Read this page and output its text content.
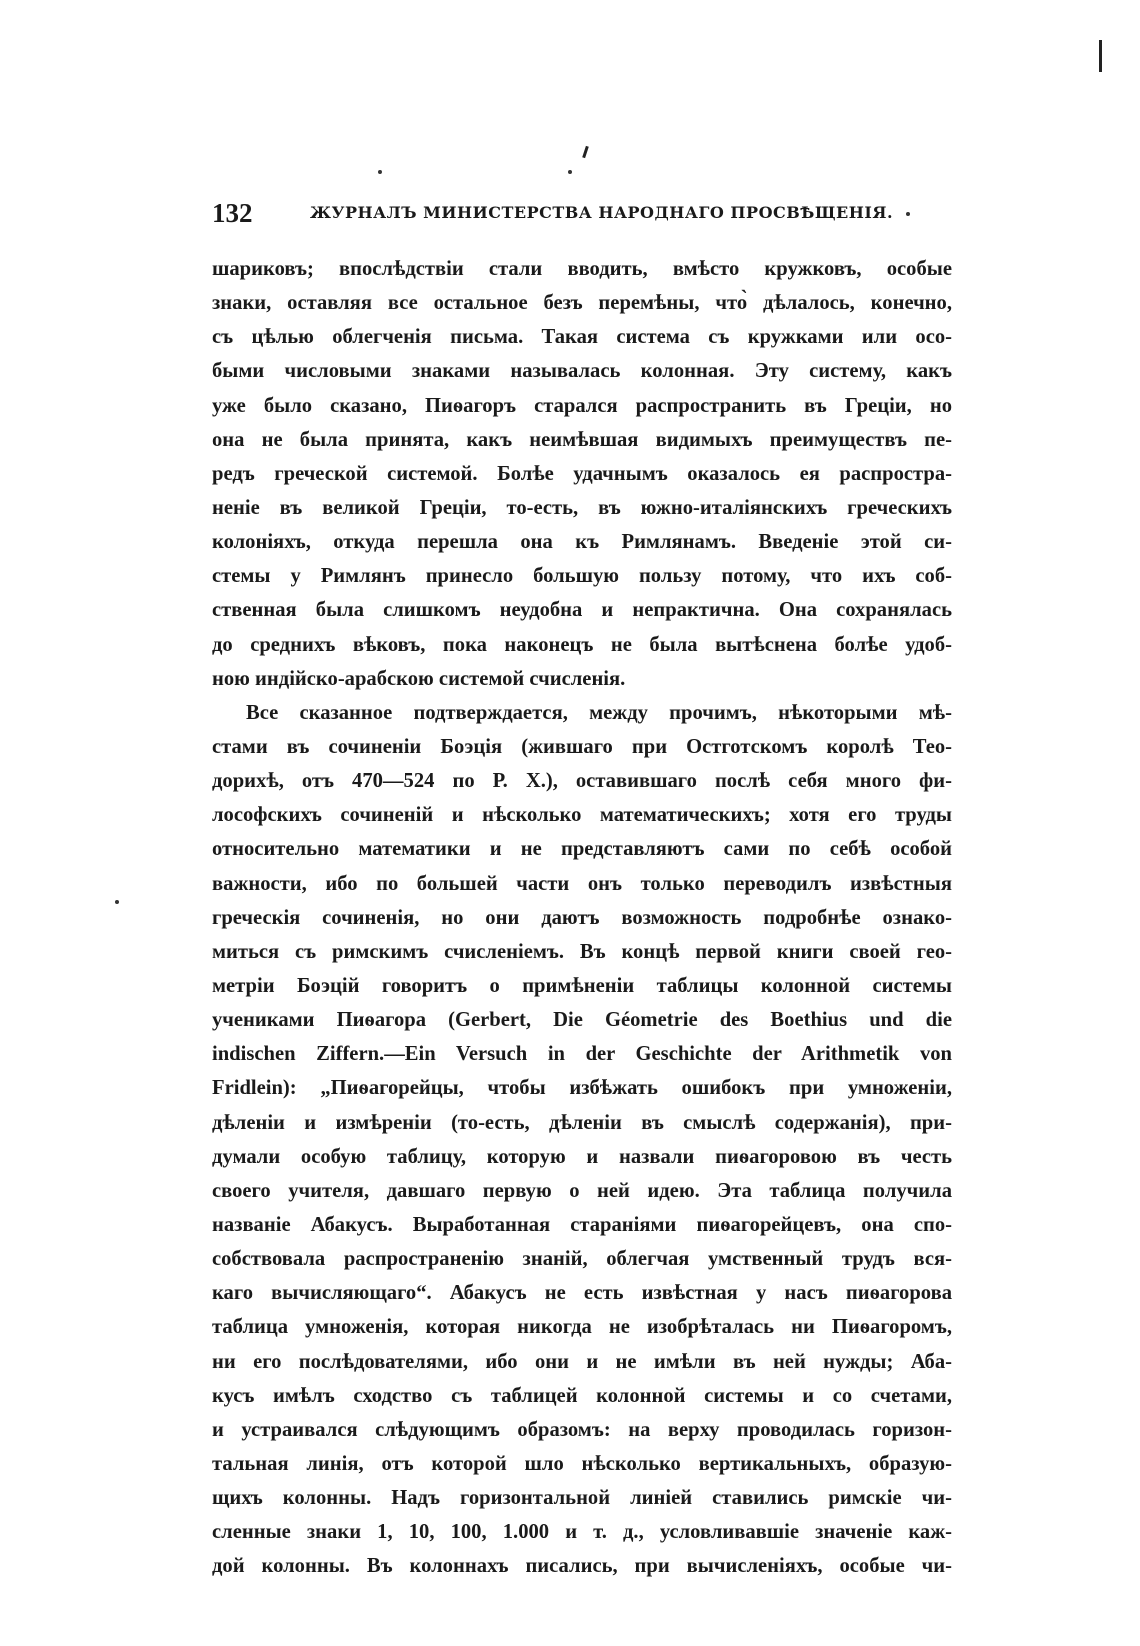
132	ЖУРНАЛЪ МИНИСТЕРСТВА НАРОДНАГО ПРОСВѢЩЕНІЯ.
шариковъ; впослѣдствіи стали вводить, вмѣсто кружковъ, особые
знаки, оставляя все остальное безъ перемѣны, что̀ дѣлалось, конечно,
съ цѣлью облегченія письма. Такая система съ кружками или осо-
быми числовыми знаками называлась колонная. Эту систему, какъ
уже было сказано, Пиѳагоръ старался распространить въ Греціи, но
она не была принята, какъ неимѣвшая видимыхъ преимуществъ пе-
редъ греческой системой. Болѣе удачнымъ оказалось ея распростра-
неніе въ великой Греціи, то-есть, въ южно-италіянскихъ греческихъ
колоніяхъ, откуда перешла она къ Римлянамъ. Введеніе этой си-
стемы у Римлянъ принесло большую пользу потому, что ихъ соб-
ственная была слишкомъ неудобна и непрактична. Она сохранялась
до среднихъ вѣковъ, пока наконецъ не была вытѣснена болѣе удоб-
ною индійско-арабскою системой счисленія.
Все сказанное подтверждается, между прочимъ, нѣкоторыми мѣ-
стами въ сочиненіи Боэція (жившаго при Остготскомъ королѣ Тео-
дорихѣ, отъ 470—524 по Р. Х.), оставившаго послѣ себя много фи-
лософскихъ сочиненій и нѣсколько математическихъ; хотя его труды
относительно математики и не представляютъ сами по себѣ особой
важности, ибо по большей части онъ только переводилъ извѣстныя
греческія сочиненія, но они даютъ возможность подробнѣе ознако-
миться съ римскимъ счисленіемъ. Въ концѣ первой книги своей гео-
метріи Боэцій говоритъ о примѣненіи таблицы колонной системы
учениками Пиѳагора (Gerbert, Die Géometrie des Boethius und die
indischen Ziffern.—Ein Versuch in der Geschichte der Arithmetik von
Fridlein): „Пиѳагорейцы, чтобы избѣжать ошибокъ при умноженіи,
дѣленіи и измѣреніи (то-есть, дѣленіи въ смыслѣ содержанія), при-
думали особую таблицу, которую и назвали пиѳагоровою въ честь
своего учителя, давшаго первую о ней идею. Эта таблица получила
названіе Абакусъ. Выработанная стараніями пиѳагорейцевъ, она спо-
собствовала распространенію знаній, облегчая умственный трудъ вся-
каго вычисляющаго“. Абакусъ не есть извѣстная у насъ пиѳагорова
таблица умноженія, которая никогда не изобрѣталась ни Пиѳагоромъ,
ни его послѣдователями, ибо они и не имѣли въ ней нужды; Аба-
кусъ имѣлъ сходство съ таблицей колонной системы и со счетами,
и устраивался слѣдующимъ образомъ: на верху проводилась горизон-
тальная линія, отъ которой шло нѣсколько вертикальныхъ, образую-
щихъ колонны. Надъ горизонтальной линіей ставились римскіе чи-
сленные знаки 1, 10, 100, 1.000 и т. д., условливавшіе значеніе каж-
дой колонны. Въ колоннахъ писались, при вычисленіяхъ, особые чи-
